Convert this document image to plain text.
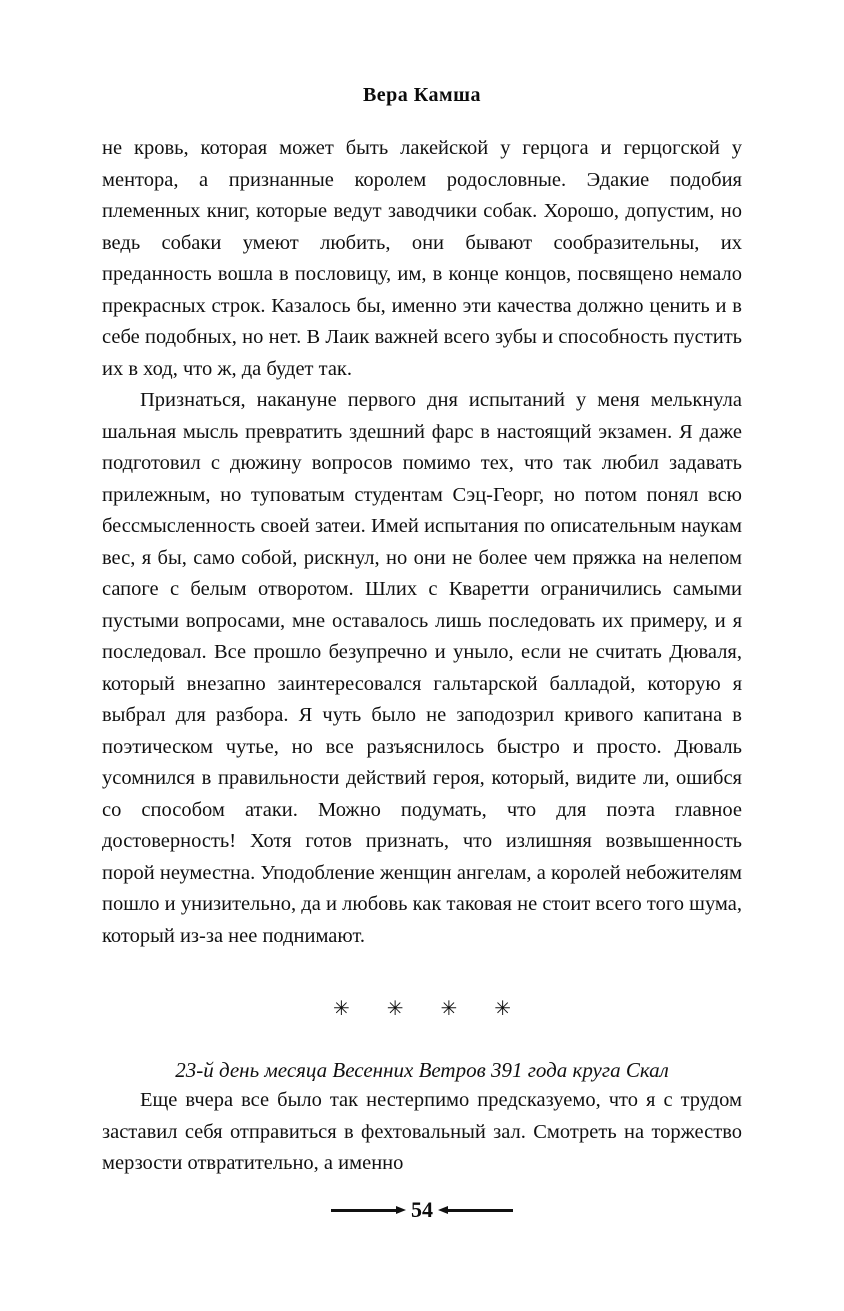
Вера Камша

не кровь, которая может быть лакейской у герцога и герцогской у ментора, а признанные королем родословные. Эдакие подобия племенных книг, которые ведут заводчики собак. Хорошо, допустим, но ведь собаки умеют любить, они бывают сообразительны, их преданность вошла в пословицу, им, в конце концов, посвящено немало прекрасных строк. Казалось бы, именно эти качества должно ценить и в себе подобных, но нет. В Лаик важней всего зубы и способность пустить их в ход, что ж, да будет так.

Признаться, накануне первого дня испытаний у меня мелькнула шальная мысль превратить здешний фарс в настоящий экзамен. Я даже подготовил с дюжину вопросов помимо тех, что так любил задавать прилежным, но туповатым студентам Сэц-Георг, но потом понял всю бессмысленность своей затеи. Имей испытания по описательным наукам вес, я бы, само собой, рискнул, но они не более чем пряжка на нелепом сапоге с белым отворотом. Шлих с Кваретти ограничились самыми пустыми вопросами, мне оставалось лишь последовать их примеру, и я последовал. Все прошло безупречно и уныло, если не считать Дюваля, который внезапно заинтересовался гальтарской балладой, которую я выбрал для разбора. Я чуть было не заподозрил кривого капитана в поэтическом чутье, но все разъяснилось быстро и просто. Дюваль усомнился в правильности действий героя, который, видите ли, ошибся со способом атаки. Можно подумать, что для поэта главное достоверность! Хотя готов признать, что излишняя возвышенность порой неуместна. Уподобление женщин ангелам, а королей небожителям пошло и унизительно, да и любовь как таковая не стоит всего того шума, который из-за нее поднимают.

✳ ✳ ✳ ✳

23-й день месяца Весенних Ветров 391 года круга Скал

Еще вчера все было так нестерпимо предсказуемо, что я с трудом заставил себя отправиться в фехтовальный зал. Смотреть на торжество мерзости отвратительно, а именно

54
